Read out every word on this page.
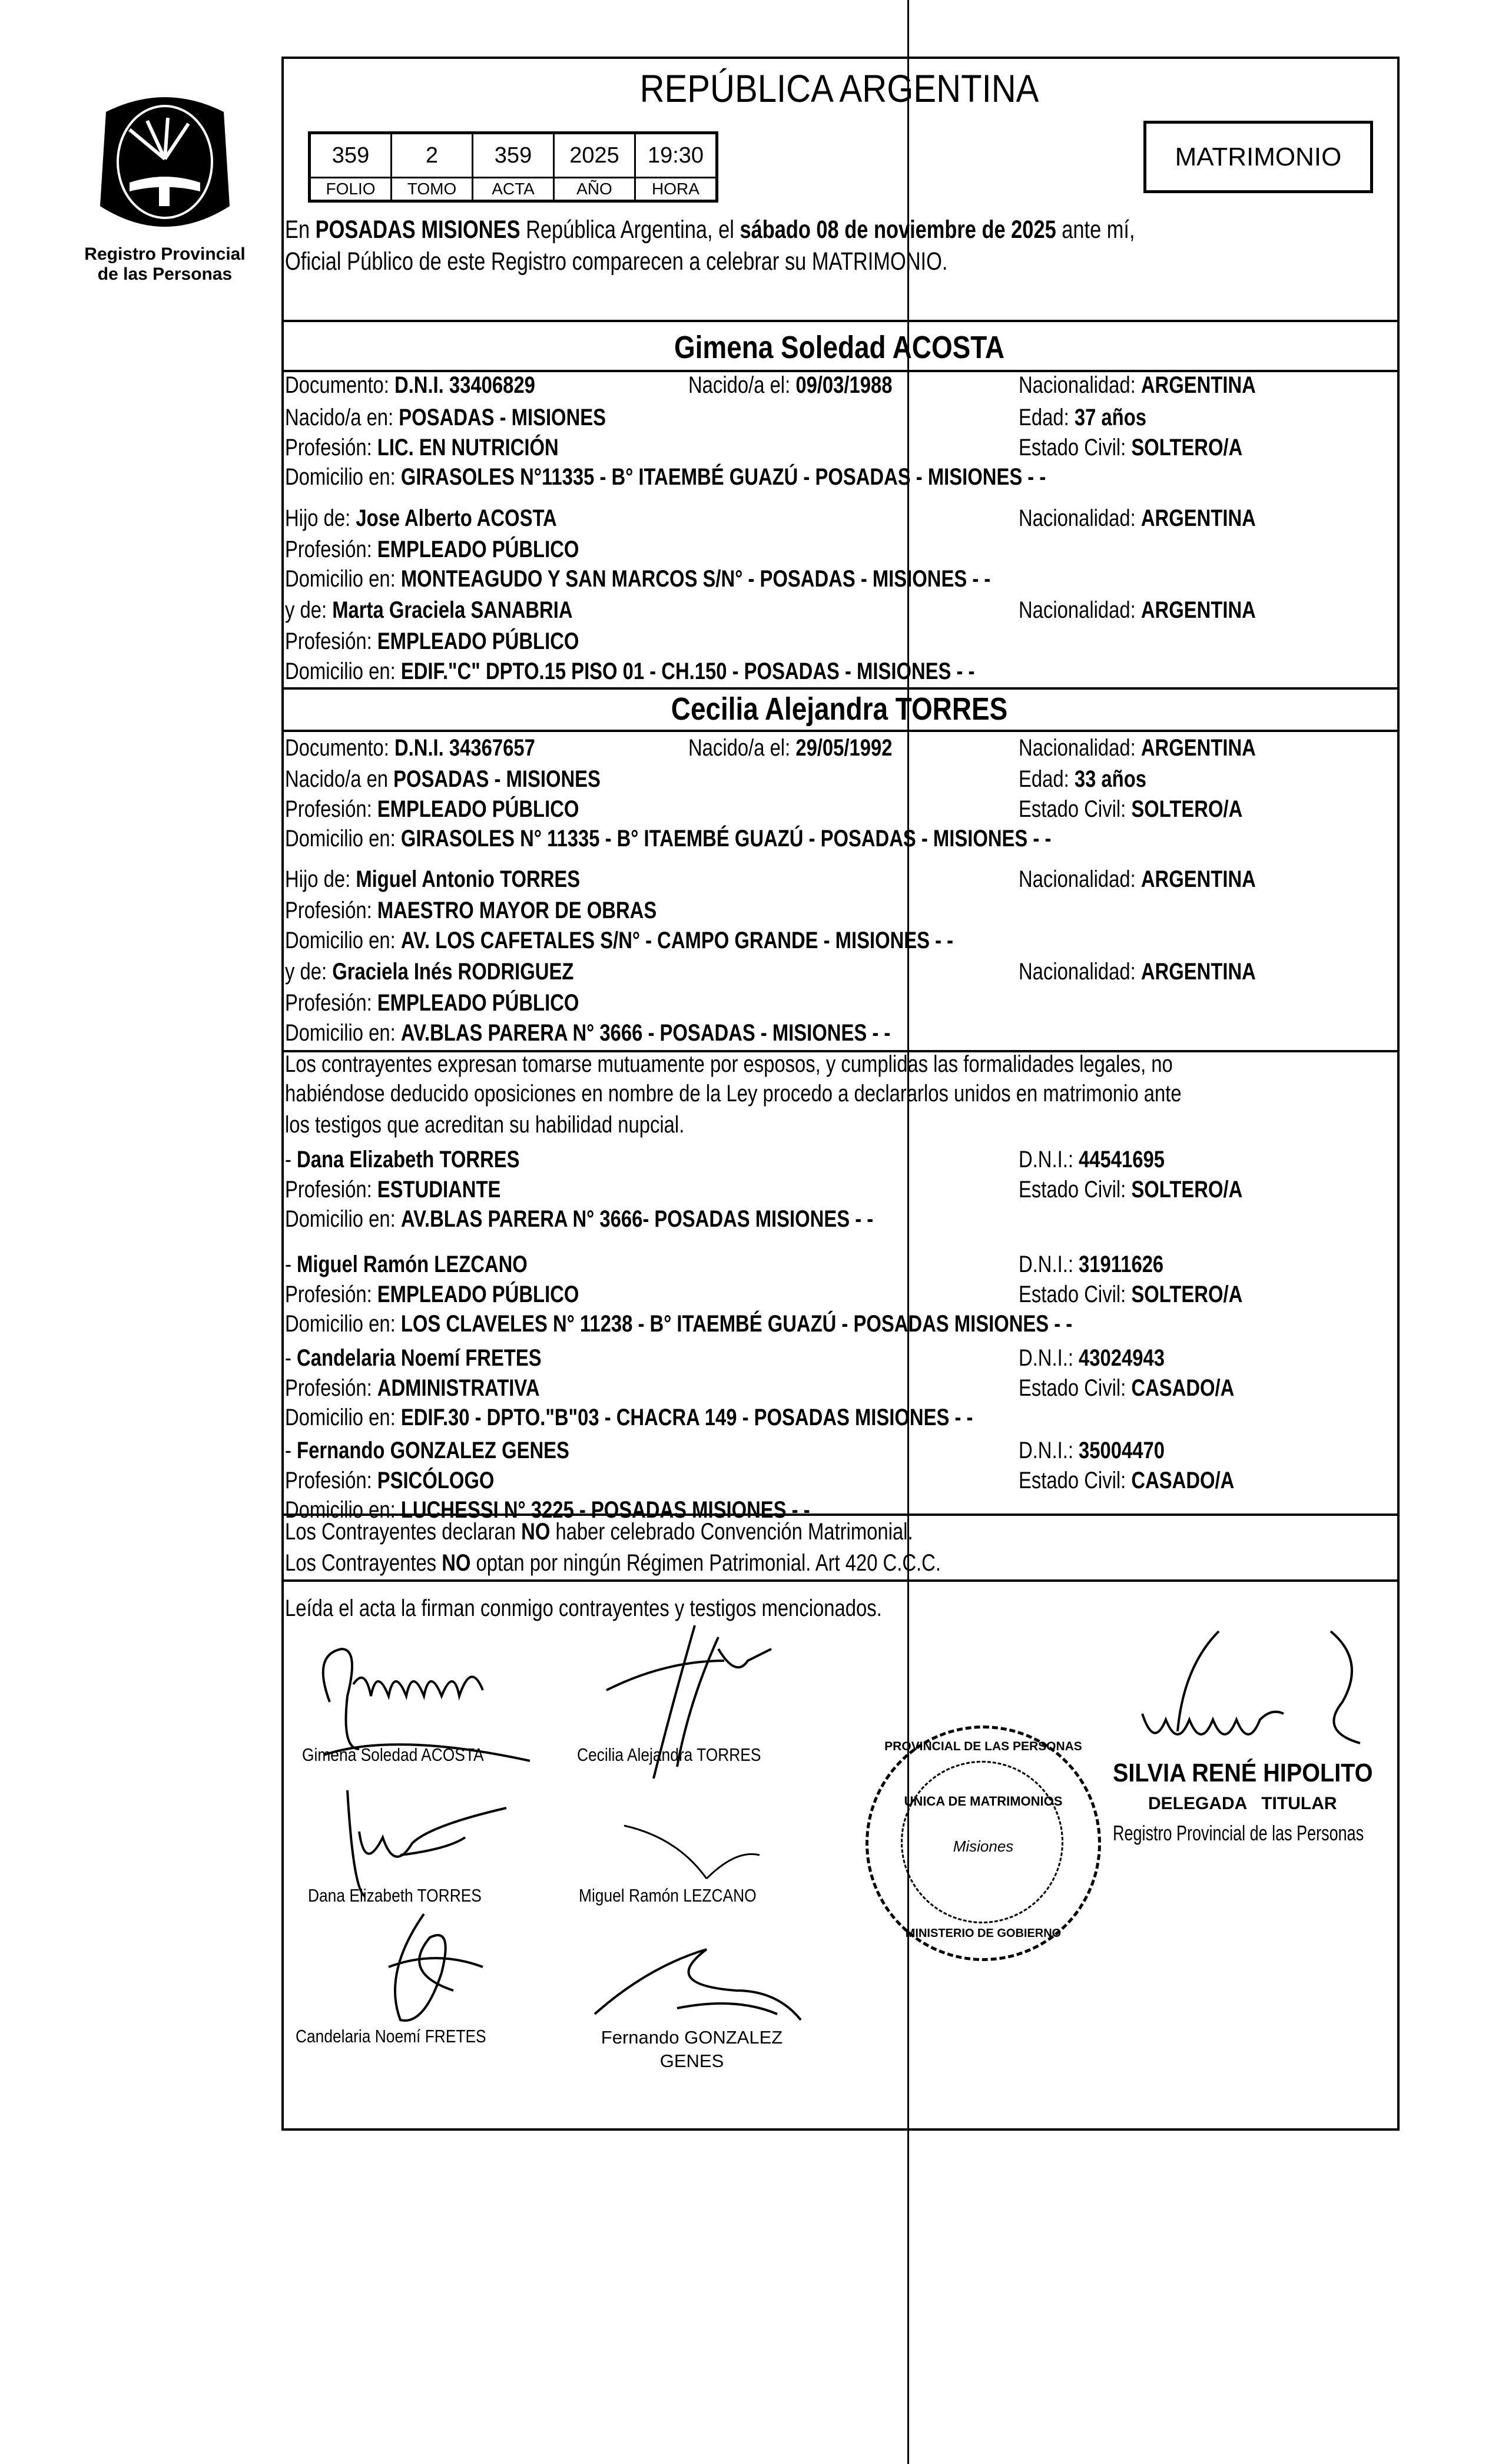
Registro Provincial
de las Personas
REPÚBLICA ARGENTINA
359	2	359	2025	19:30
FOLIO	TOMO	ACTA	AÑO	HORA
MATRIMONIO
En POSADAS MISIONES República Argentina, el sábado 08 de noviembre de 2025 ante mí,
Oficial Público de este Registro comparecen a celebrar su MATRIMONIO.
Gimena Soledad ACOSTA
Documento: D.N.I. 33406829	Nacido/a el: 09/03/1988	Nacionalidad: ARGENTINA
Nacido/a en: POSADAS - MISIONES	Edad: 37 años
Profesión: LIC. EN NUTRICIÓN	Estado Civil: SOLTERO/A
Domicilio en: GIRASOLES N°11335 - B° ITAEMBÉ GUAZÚ - POSADAS - MISIONES - -
Hijo de: Jose Alberto ACOSTA	Nacionalidad: ARGENTINA
Profesión: EMPLEADO PÚBLICO
Domicilio en: MONTEAGUDO Y SAN MARCOS S/N° - POSADAS - MISIONES - -
y de: Marta Graciela SANABRIA	Nacionalidad: ARGENTINA
Profesión: EMPLEADO PÚBLICO
Domicilio en: EDIF."C" DPTO.15 PISO 01 - CH.150 - POSADAS - MISIONES - -
Cecilia Alejandra TORRES
Documento: D.N.I. 34367657	Nacido/a el: 29/05/1992	Nacionalidad: ARGENTINA
Nacido/a en POSADAS - MISIONES	Edad: 33 años
Profesión: EMPLEADO PÚBLICO	Estado Civil: SOLTERO/A
Domicilio en: GIRASOLES N° 11335 - B° ITAEMBÉ GUAZÚ - POSADAS - MISIONES - -
Hijo de: Miguel Antonio TORRES	Nacionalidad: ARGENTINA
Profesión: MAESTRO MAYOR DE OBRAS
Domicilio en: AV. LOS CAFETALES S/N° - CAMPO GRANDE - MISIONES - -
y de: Graciela Inés RODRIGUEZ	Nacionalidad: ARGENTINA
Profesión: EMPLEADO PÚBLICO
Domicilio en: AV.BLAS PARERA N° 3666 - POSADAS - MISIONES - -
Los contrayentes expresan tomarse mutuamente por esposos, y cumplidas las formalidades legales, no
habiéndose deducido oposiciones en nombre de la Ley procedo a declararlos unidos en matrimonio ante
los testigos que acreditan su habilidad nupcial.
- Dana Elizabeth TORRES	D.N.I.: 44541695
Profesión: ESTUDIANTE	Estado Civil: SOLTERO/A
Domicilio en: AV.BLAS PARERA N° 3666- POSADAS MISIONES - -
- Miguel Ramón LEZCANO	D.N.I.: 31911626
Profesión: EMPLEADO PÚBLICO	Estado Civil: SOLTERO/A
Domicilio en: LOS CLAVELES N° 11238 - B° ITAEMBÉ GUAZÚ - POSADAS MISIONES - -
- Candelaria Noemí FRETES	D.N.I.: 43024943
Profesión: ADMINISTRATIVA	Estado Civil: CASADO/A
Domicilio en: EDIF.30 - DPTO."B"03 - CHACRA 149 - POSADAS MISIONES - -
- Fernando GONZALEZ GENES	D.N.I.: 35004470
Profesión: PSICÓLOGO	Estado Civil: CASADO/A
Domicilio en: LUCHESSI N° 3225 - POSADAS MISIONES - -
Los Contrayentes declaran NO haber celebrado Convención Matrimonial.
Los Contrayentes NO optan por ningún Régimen Patrimonial. Art 420 C.C.C.
Leída el acta la firman conmigo contrayentes y testigos mencionados.
Gimena Soledad ACOSTA	Cecilia Alejandra TORRES
Dana Elizabeth TORRES	Miguel Ramón LEZCANO
Candelaria Noemí FRETES	Fernando GONZALEZ
GENES
PROVINCIAL DE LAS PERSONAS
UNICA DE MATRIMONIOS
Misiones
MINISTERIO DE GOBIERNO
SILVIA RENÉ HIPOLITO
DELEGADA   TITULAR
Registro Provincial de las Personas
